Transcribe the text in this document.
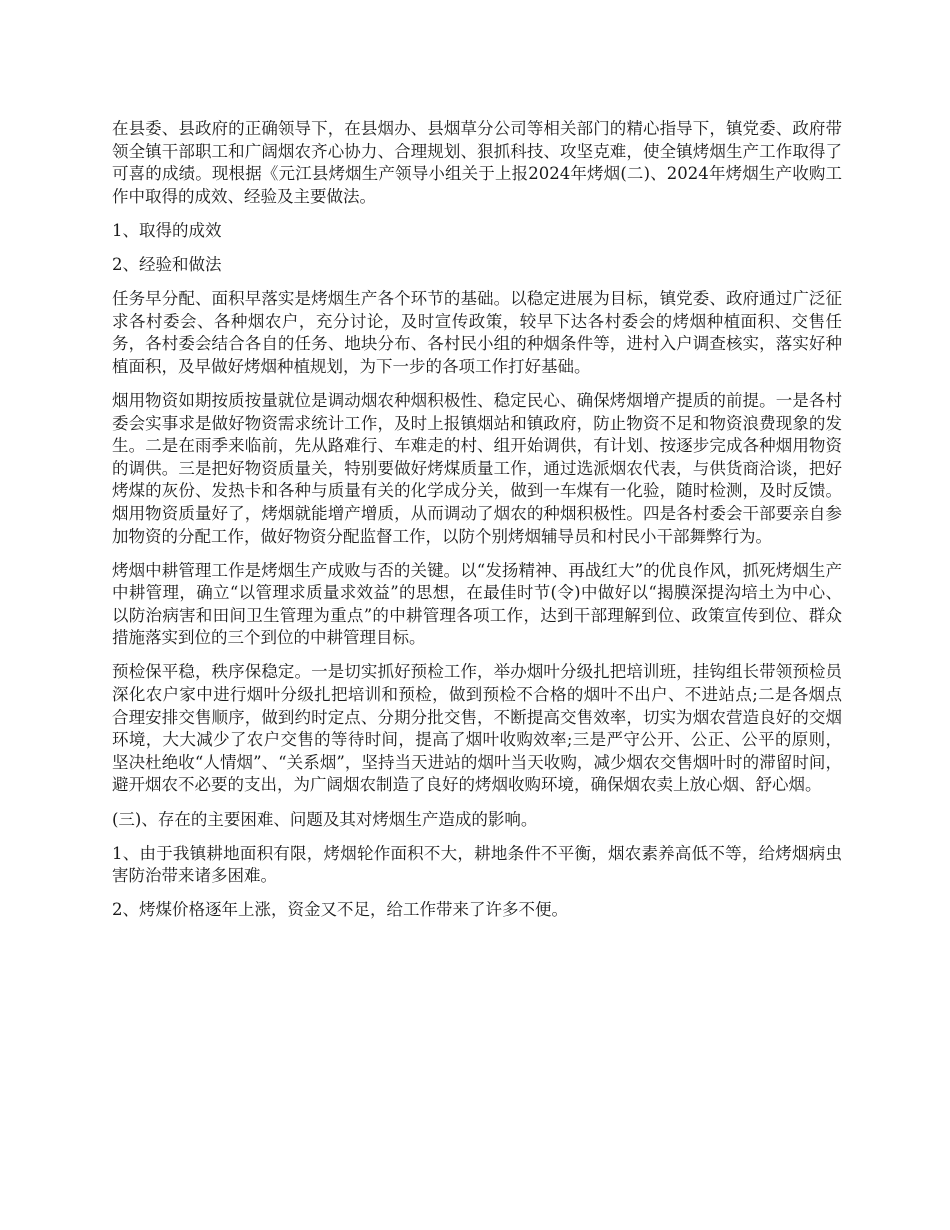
在县委、县政府的正确领导下，在县烟办、县烟草分公司等相关部门的精心指导下，镇党委、政府带领全镇干部职工和广阔烟农齐心协力、合理规划、狠抓科技、攻坚克难，使全镇烤烟生产工作取得了可喜的成绩。现根据《元江县烤烟生产领导小组关于上报2024年烤烟(二)、2024年烤烟生产收购工作中取得的成效、经验及主要做法。

1、取得的成效

2、经验和做法

任务早分配、面积早落实是烤烟生产各个环节的基础。以稳定进展为目标，镇党委、政府通过广泛征求各村委会、各种烟农户，充分讨论，及时宣传政策，较早下达各村委会的烤烟种植面积、交售任务，各村委会结合各自的任务、地块分布、各村民小组的种烟条件等，进村入户调查核实，落实好种植面积，及早做好烤烟种植规划，为下一步的各项工作打好基础。

烟用物资如期按质按量就位是调动烟农种烟积极性、稳定民心、确保烤烟增产提质的前提。一是各村委会实事求是做好物资需求统计工作，及时上报镇烟站和镇政府，防止物资不足和物资浪费现象的发生。二是在雨季来临前，先从路难行、车难走的村、组开始调供，有计划、按逐步完成各种烟用物资的调供。三是把好物资质量关，特别要做好烤煤质量工作，通过选派烟农代表，与供货商洽谈，把好烤煤的灰份、发热卡和各种与质量有关的化学成分关，做到一车煤有一化验，随时检测，及时反馈。烟用物资质量好了，烤烟就能增产增质，从而调动了烟农的种烟积极性。四是各村委会干部要亲自参加物资的分配工作，做好物资分配监督工作，以防个别烤烟辅导员和村民小干部舞弊行为。

烤烟中耕管理工作是烤烟生产成败与否的关键。以“发扬精神、再战红大”的优良作风，抓死烤烟生产中耕管理，确立“以管理求质量求效益”的思想，在最佳时节(令)中做好以“揭膜深提沟培土为中心、以防治病害和田间卫生管理为重点”的中耕管理各项工作，达到干部理解到位、政策宣传到位、群众措施落实到位的三个到位的中耕管理目标。

预检保平稳，秩序保稳定。一是切实抓好预检工作，举办烟叶分级扎把培训班，挂钩组长带领预检员深化农户家中进行烟叶分级扎把培训和预检，做到预检不合格的烟叶不出户、不进站点;二是各烟点合理安排交售顺序，做到约时定点、分期分批交售，不断提高交售效率，切实为烟农营造良好的交烟环境，大大减少了农户交售的等待时间，提高了烟叶收购效率;三是严守公开、公正、公平的原则，坚决杜绝收“人情烟”、“关系烟”，坚持当天进站的烟叶当天收购，减少烟农交售烟叶时的滞留时间，避开烟农不必要的支出，为广阔烟农制造了良好的烤烟收购环境，确保烟农卖上放心烟、舒心烟。

(三)、存在的主要困难、问题及其对烤烟生产造成的影响。

1、由于我镇耕地面积有限，烤烟轮作面积不大，耕地条件不平衡，烟农素养高低不等，给烤烟病虫害防治带来诸多困难。

2、烤煤价格逐年上涨，资金又不足，给工作带来了许多不便。
